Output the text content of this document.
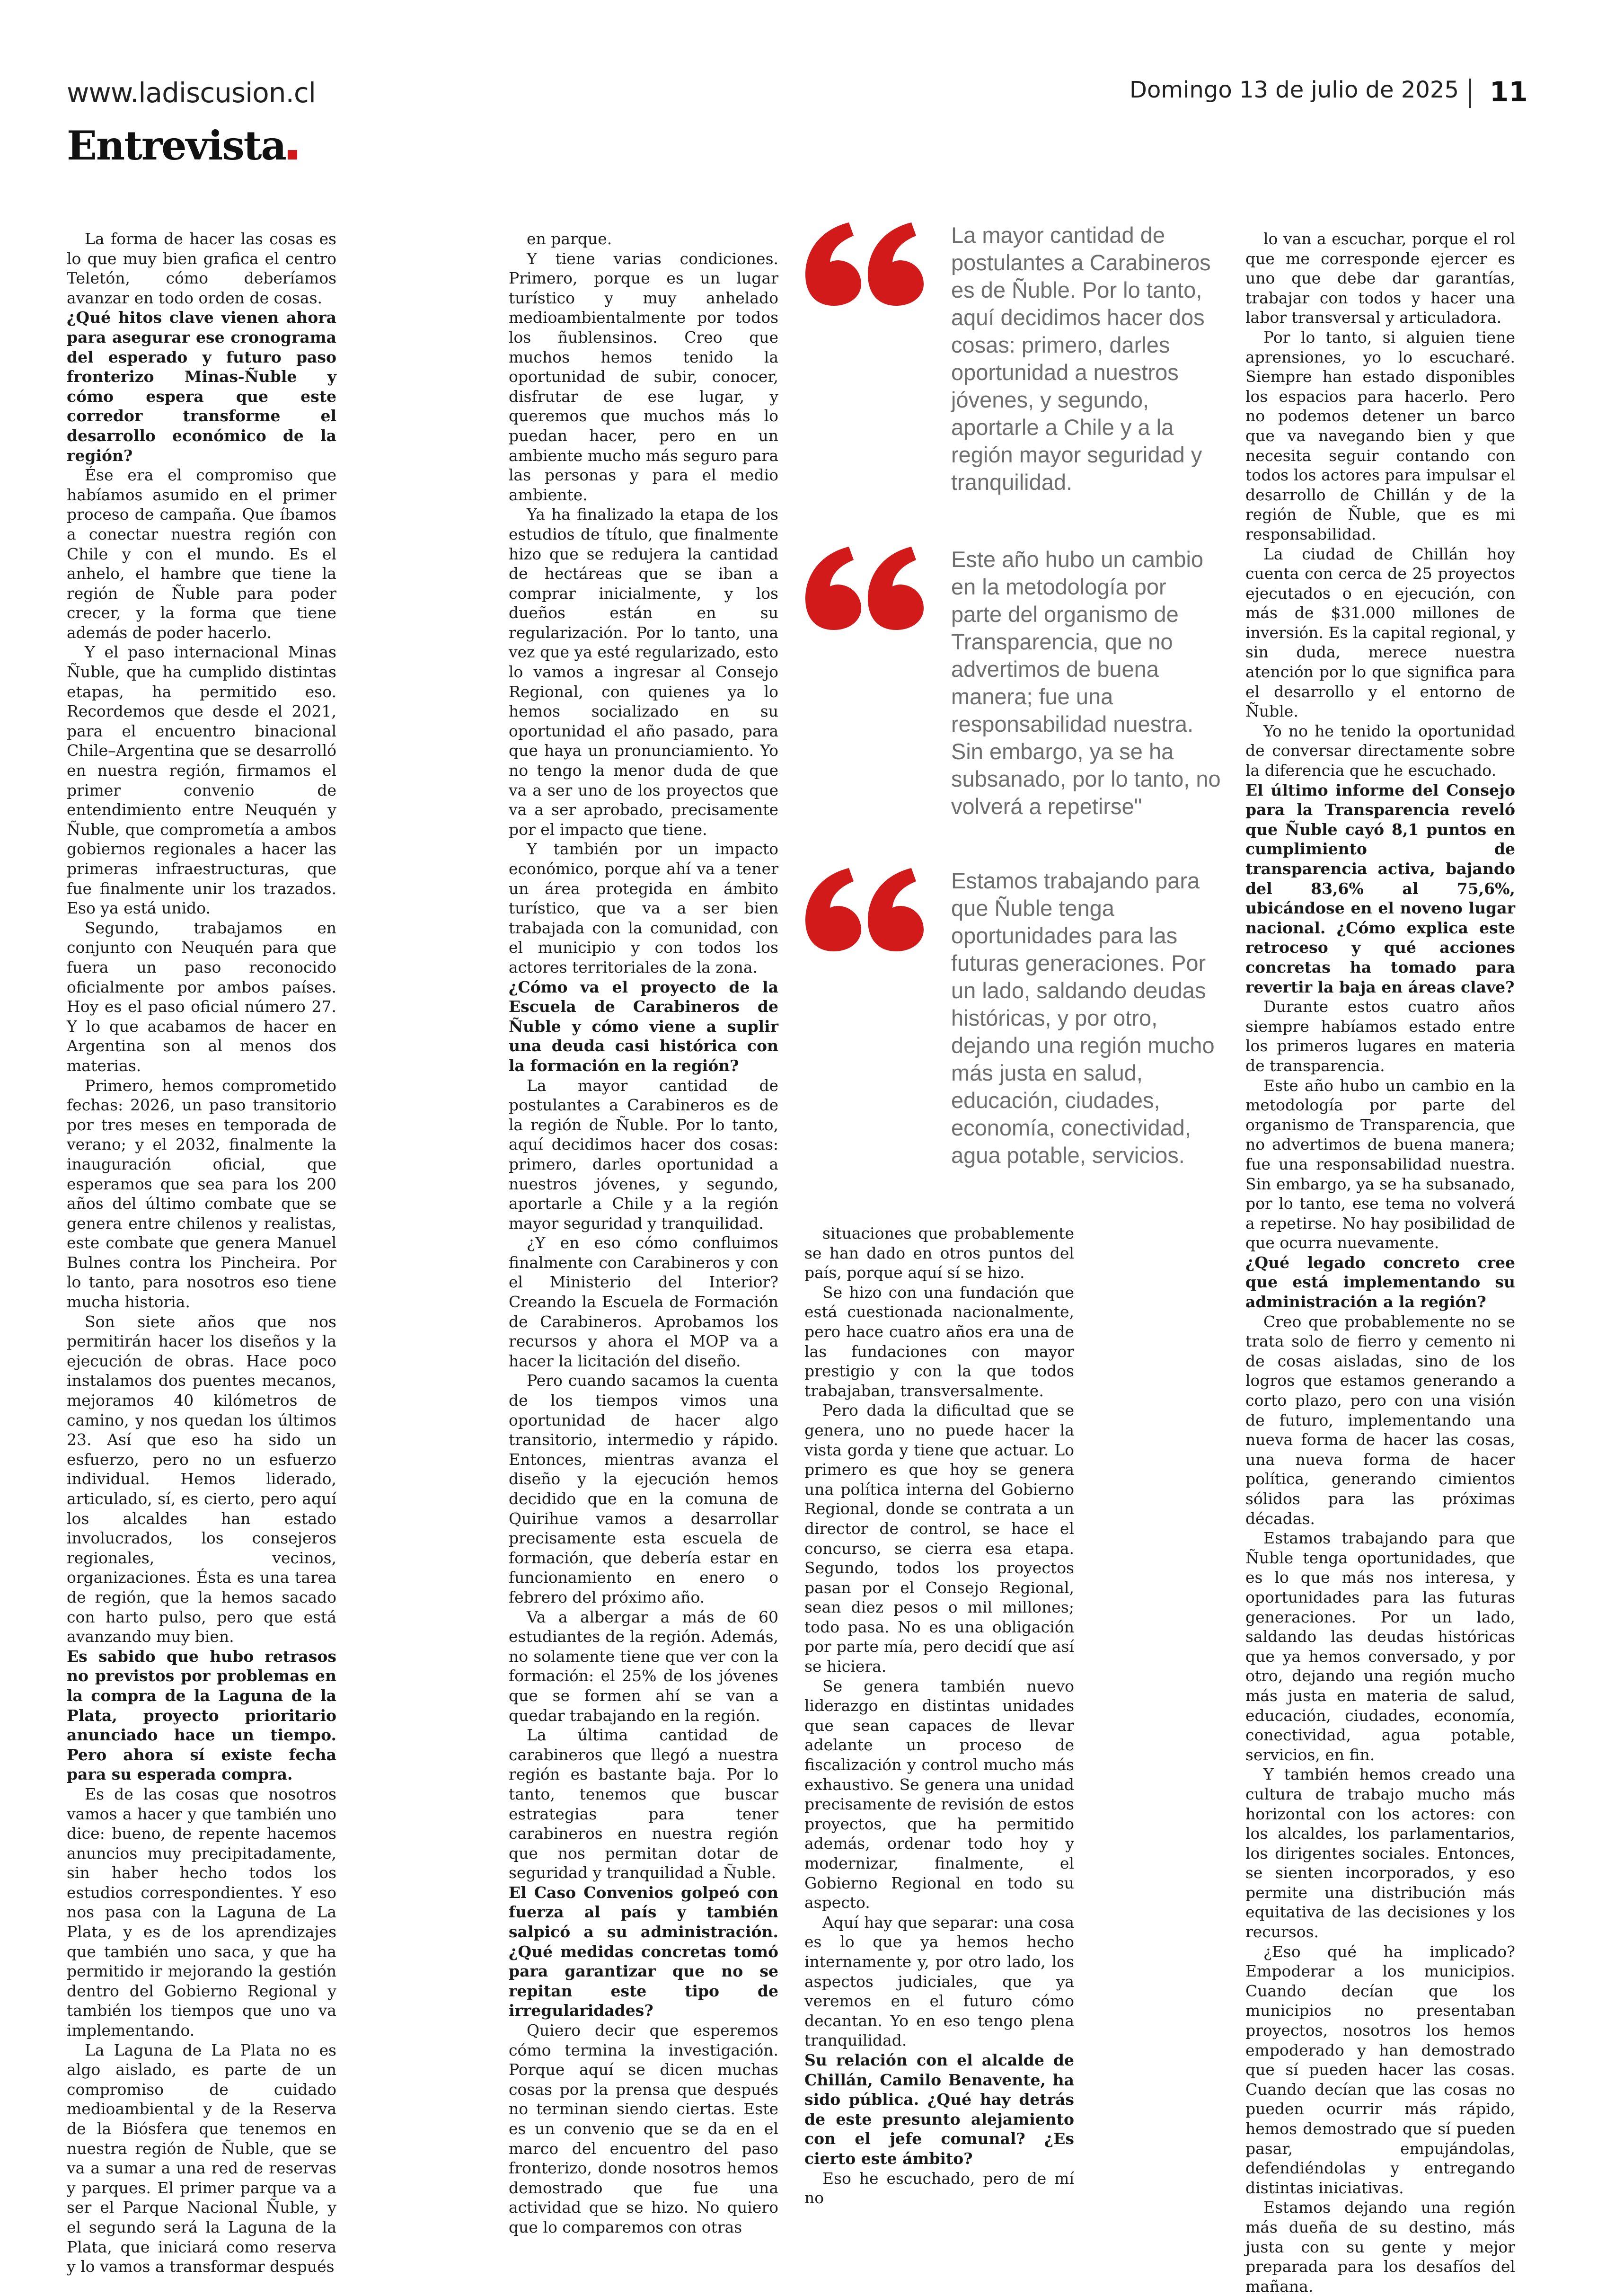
www.ladiscusion.cl	Domingo 13 de julio de 2025 11
Entrevista

La forma de hacer las cosas es lo que muy bien grafica el centro Teletón, cómo deberíamos avanzar en todo orden de cosas.

¿Qué hitos clave vienen ahora para asegurar ese cronograma del esperado y futuro paso fronterizo Minas-Ñuble y cómo espera que este corredor transforme el desarrollo económico de la región?

Ése era el compromiso que habíamos asumido en el primer proceso de campaña. Que íbamos a conectar nuestra región con Chile y con el mundo. Es el anhelo, el hambre que tiene la región de Ñuble para poder crecer, y la forma que tiene además de poder hacerlo.

Y el paso internacional Minas Ñuble, que ha cumplido distintas etapas, ha permitido eso. Recordemos que desde el 2021, para el encuentro binacional Chile–Argentina que se desarrolló en nuestra región, firmamos el primer convenio de entendimiento entre Neuquén y Ñuble, que comprometía a ambos gobiernos regionales a hacer las primeras infraestructuras, que fue finalmente unir los trazados. Eso ya está unido.

Segundo, trabajamos en conjunto con Neuquén para que fuera un paso reconocido oficialmente por ambos países. Hoy es el paso oficial número 27. Y lo que acabamos de hacer en Argentina son al menos dos materias.

Primero, hemos comprometido fechas: 2026, un paso transitorio por tres meses en temporada de verano; y el 2032, finalmente la inauguración oficial, que esperamos que sea para los 200 años del último combate que se genera entre chilenos y realistas, este combate que genera Manuel Bulnes contra los Pincheira. Por lo tanto, para nosotros eso tiene mucha historia.

Son siete años que nos permitirán hacer los diseños y la ejecución de obras. Hace poco instalamos dos puentes mecanos, mejoramos 40 kilómetros de camino, y nos quedan los últimos 23. Así que eso ha sido un esfuerzo, pero no un esfuerzo individual. Hemos liderado, articulado, sí, es cierto, pero aquí los alcaldes han estado involucrados, los consejeros regionales, vecinos, organizaciones. Ésta es una tarea de región, que la hemos sacado con harto pulso, pero que está avanzando muy bien.

Es sabido que hubo retrasos no previstos por problemas en la compra de la Laguna de la Plata, proyecto prioritario anunciado hace un tiempo. Pero ahora sí existe fecha para su esperada compra.

Es de las cosas que nosotros vamos a hacer y que también uno dice: bueno, de repente hacemos anuncios muy precipitadamente, sin haber hecho todos los estudios correspondientes. Y eso nos pasa con la Laguna de La Plata, y es de los aprendizajes que también uno saca, y que ha permitido ir mejorando la gestión dentro del Gobierno Regional y también los tiempos que uno va implementando.

La Laguna de La Plata no es algo aislado, es parte de un compromiso de cuidado medioambiental y de la Reserva de la Biósfera que tenemos en nuestra región de Ñuble, que se va a sumar a una red de reservas y parques. El primer parque va a ser el Parque Nacional Ñuble, y el segundo será la Laguna de la Plata, que iniciará como reserva y lo vamos a transformar después

en parque.

Y tiene varias condiciones. Primero, porque es un lugar turístico y muy anhelado medioambientalmente por todos los ñublensinos. Creo que muchos hemos tenido la oportunidad de subir, conocer, disfrutar de ese lugar, y queremos que muchos más lo puedan hacer, pero en un ambiente mucho más seguro para las personas y para el medio ambiente.

Ya ha finalizado la etapa de los estudios de título, que finalmente hizo que se redujera la cantidad de hectáreas que se iban a comprar inicialmente, y los dueños están en su regularización. Por lo tanto, una vez que ya esté regularizado, esto lo vamos a ingresar al Consejo Regional, con quienes ya lo hemos socializado en su oportunidad el año pasado, para que haya un pronunciamiento. Yo no tengo la menor duda de que va a ser uno de los proyectos que va a ser aprobado, precisamente por el impacto que tiene.

Y también por un impacto económico, porque ahí va a tener un área protegida en ámbito turístico, que va a ser bien trabajada con la comunidad, con el municipio y con todos los actores territoriales de la zona.

¿Cómo va el proyecto de la Escuela de Carabineros de Ñuble y cómo viene a suplir una deuda casi histórica con la formación en la región?

La mayor cantidad de postulantes a Carabineros es de la región de Ñuble. Por lo tanto, aquí decidimos hacer dos cosas: primero, darles oportunidad a nuestros jóvenes, y segundo, aportarle a Chile y a la región mayor seguridad y tranquilidad.

¿Y en eso cómo confluimos finalmente con Carabineros y con el Ministerio del Interior? Creando la Escuela de Formación de Carabineros. Aprobamos los recursos y ahora el MOP va a hacer la licitación del diseño.

Pero cuando sacamos la cuenta de los tiempos vimos una oportunidad de hacer algo transitorio, intermedio y rápido. Entonces, mientras avanza el diseño y la ejecución hemos decidido que en la comuna de Quirihue vamos a desarrollar precisamente esta escuela de formación, que debería estar en funcionamiento en enero o febrero del próximo año.

Va a albergar a más de 60 estudiantes de la región. Además, no solamente tiene que ver con la formación: el 25% de los jóvenes que se formen ahí se van a quedar trabajando en la región.

La última cantidad de carabineros que llegó a nuestra región es bastante baja. Por lo tanto, tenemos que buscar estrategias para tener carabineros en nuestra región que nos permitan dotar de seguridad y tranquilidad a Ñuble.

El Caso Convenios golpeó con fuerza al país y también salpicó a su administración. ¿Qué medidas concretas tomó para garantizar que no se repitan este tipo de irregularidades?

Quiero decir que esperemos cómo termina la investigación. Porque aquí se dicen muchas cosas por la prensa que después no terminan siendo ciertas. Este es un convenio que se da en el marco del encuentro del paso fronterizo, donde nosotros hemos demostrado que fue una actividad que se hizo. No quiero que lo comparemos con otras

La mayor cantidad de postulantes a Carabineros es de Ñuble. Por lo tanto, aquí decidimos hacer dos cosas: primero, darles oportunidad a nuestros jóvenes, y segundo, aportarle a Chile y a la región mayor seguridad y tranquilidad.
Este año hubo un cambio en la metodología por parte del organismo de Transparencia, que no advertimos de buena manera; fue una responsabilidad nuestra. Sin embargo, ya se ha subsanado, por lo tanto, no volverá a repetirse"
Estamos trabajando para que Ñuble tenga oportunidades para las futuras generaciones. Por un lado, saldando deudas históricas, y por otro, dejando una región mucho más justa en salud, educación, ciudades, economía, conectividad, agua potable, servicios.

situaciones que probablemente se han dado en otros puntos del país, porque aquí sí se hizo.

Se hizo con una fundación que está cuestionada nacionalmente, pero hace cuatro años era una de las fundaciones con mayor prestigio y con la que todos trabajaban, transversalmente.

Pero dada la dificultad que se genera, uno no puede hacer la vista gorda y tiene que actuar. Lo primero es que hoy se genera una política interna del Gobierno Regional, donde se contrata a un director de control, se hace el concurso, se cierra esa etapa. Segundo, todos los proyectos pasan por el Consejo Regional, sean diez pesos o mil millones; todo pasa. No es una obligación por parte mía, pero decidí que así se hiciera.

Se genera también nuevo liderazgo en distintas unidades que sean capaces de llevar adelante un proceso de fiscalización y control mucho más exhaustivo. Se genera una unidad precisamente de revisión de estos proyectos, que ha permitido además, ordenar todo hoy y modernizar, finalmente, el Gobierno Regional en todo su aspecto.

Aquí hay que separar: una cosa es lo que ya hemos hecho internamente y, por otro lado, los aspectos judiciales, que ya veremos en el futuro cómo decantan. Yo en eso tengo plena tranquilidad.

Su relación con el alcalde de Chillán, Camilo Benavente, ha sido pública. ¿Qué hay detrás de este presunto alejamiento con el jefe comunal? ¿Es cierto este ámbito?

Eso he escuchado, pero de mí no

lo van a escuchar, porque el rol que me corresponde ejercer es uno que debe dar garantías, trabajar con todos y hacer una labor transversal y articuladora.

Por lo tanto, si alguien tiene aprensiones, yo lo escucharé. Siempre han estado disponibles los espacios para hacerlo. Pero no podemos detener un barco que va navegando bien y que necesita seguir contando con todos los actores para impulsar el desarrollo de Chillán y de la región de Ñuble, que es mi responsabilidad.

La ciudad de Chillán hoy cuenta con cerca de 25 proyectos ejecutados o en ejecución, con más de $31.000 millones de inversión. Es la capital regional, y sin duda, merece nuestra atención por lo que significa para el desarrollo y el entorno de Ñuble.

Yo no he tenido la oportunidad de conversar directamente sobre la diferencia que he escuchado.

El último informe del Consejo para la Transparencia reveló que Ñuble cayó 8,1 puntos en cumplimiento de transparencia activa, bajando del 83,6% al 75,6%, ubicándose en el noveno lugar nacional. ¿Cómo explica este retroceso y qué acciones concretas ha tomado para revertir la baja en áreas clave?

Durante estos cuatro años siempre habíamos estado entre los primeros lugares en materia de transparencia.

Este año hubo un cambio en la metodología por parte del organismo de Transparencia, que no advertimos de buena manera; fue una responsabilidad nuestra. Sin embargo, ya se ha subsanado, por lo tanto, ese tema no volverá a repetirse. No hay posibilidad de que ocurra nuevamente.

¿Qué legado concreto cree que está implementando su administración a la región?

Creo que probablemente no se trata solo de fierro y cemento ni de cosas aisladas, sino de los logros que estamos generando a corto plazo, pero con una visión de futuro, implementando una nueva forma de hacer las cosas, una nueva forma de hacer política, generando cimientos sólidos para las próximas décadas.

Estamos trabajando para que Ñuble tenga oportunidades, que es lo que más nos interesa, y oportunidades para las futuras generaciones. Por un lado, saldando las deudas históricas que ya hemos conversado, y por otro, dejando una región mucho más justa en materia de salud, educación, ciudades, economía, conectividad, agua potable, servicios, en fin.

Y también hemos creado una cultura de trabajo mucho más horizontal con los actores: con los alcaldes, los parlamentarios, los dirigentes sociales. Entonces, se sienten incorporados, y eso permite una distribución más equitativa de las decisiones y los recursos.

¿Eso qué ha implicado? Empoderar a los municipios. Cuando decían que los municipios no presentaban proyectos, nosotros los hemos empoderado y han demostrado que sí pueden hacer las cosas. Cuando decían que las cosas no pueden ocurrir más rápido, hemos demostrado que sí pueden pasar, empujándolas, defendiéndolas y entregando distintas iniciativas.

Estamos dejando una región más dueña de su destino, más justa con su gente y mejor preparada para los desafíos del mañana.
